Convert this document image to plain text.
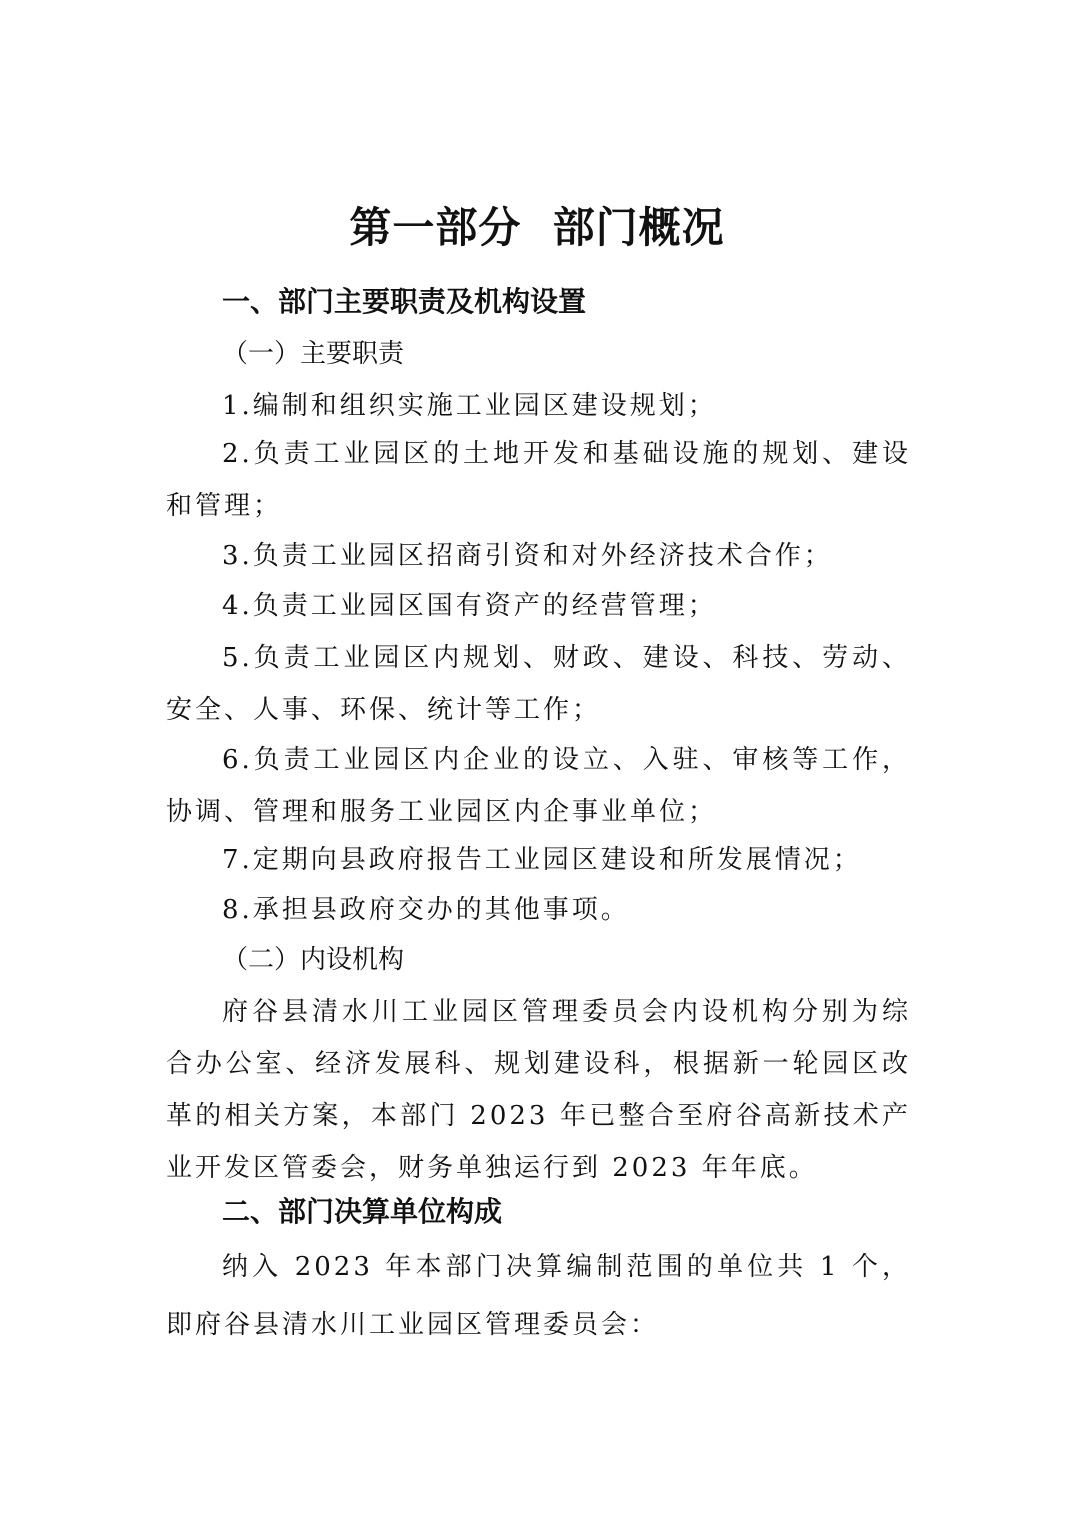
第一部分  部门概况
一、部门主要职责及机构设置
（一）主要职责

1.编制和组织实施工业园区建设规划；

2.负责工业园区的土地开发和基础设施的规划、建设和管理；

3.负责工业园区招商引资和对外经济技术合作；

4.负责工业园区国有资产的经营管理；

5.负责工业园区内规划、财政、建设、科技、劳动、安全、人事、环保、统计等工作；

6.负责工业园区内企业的设立、入驻、审核等工作，协调、管理和服务工业园区内企事业单位；

7.定期向县政府报告工业园区建设和所发展情况；

8.承担县政府交办的其他事项。

（二）内设机构

府谷县清水川工业园区管理委员会内设机构分别为综合办公室、经济发展科、规划建设科，根据新一轮园区改革的相关方案，本部门 2023 年已整合至府谷高新技术产业开发区管委会，财务单独运行到 2023 年年底。

二、部门决算单位构成

纳入 2023 年本部门决算编制范围的单位共 1 个，即府谷县清水川工业园区管理委员会：
